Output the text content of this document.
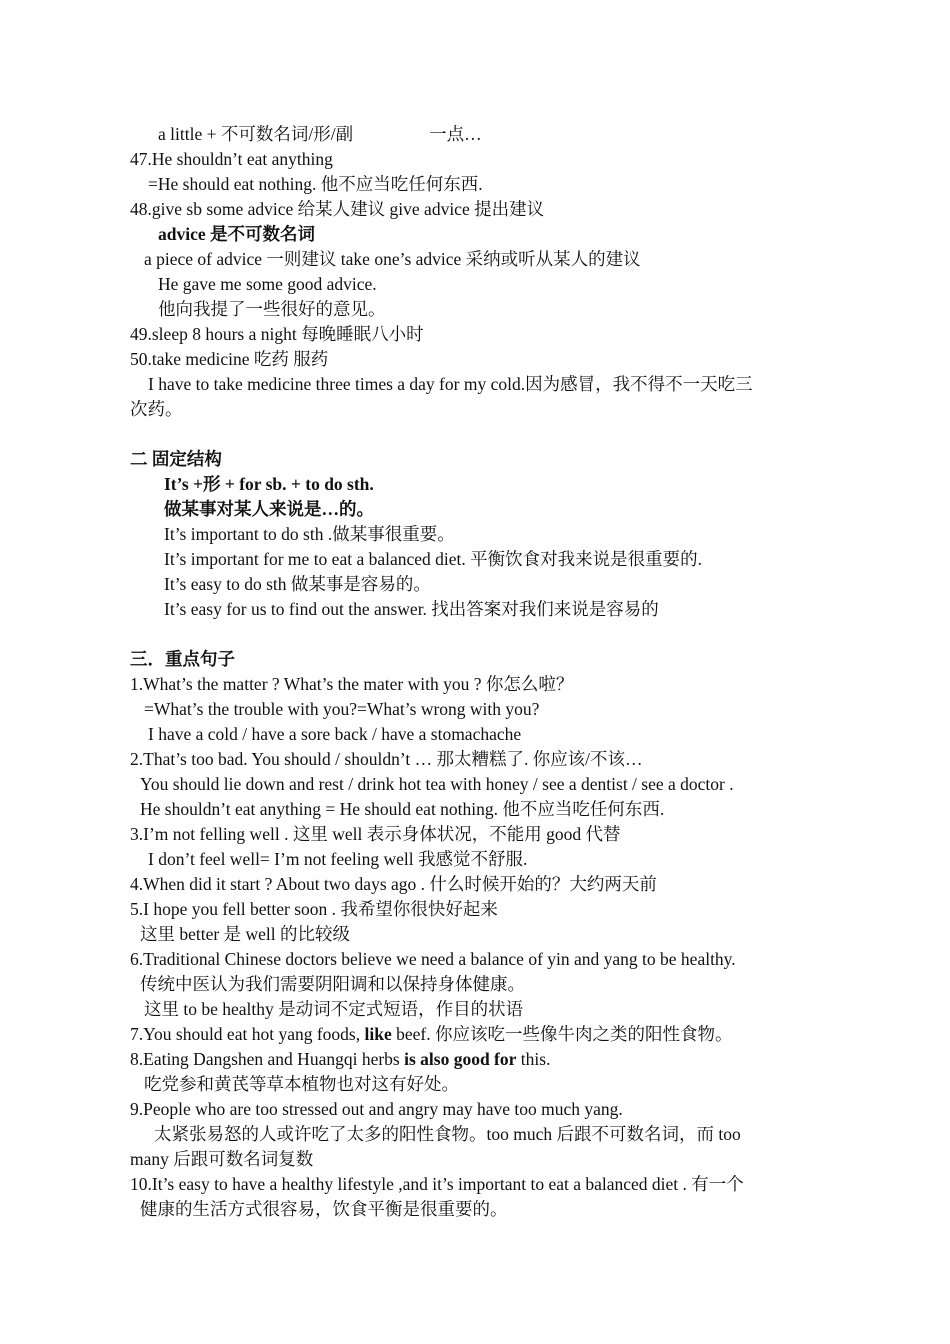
a little + 不可数名词/形/副	一点…
47.He shouldn’t eat anything
=He should eat nothing. 他不应当吃任何东西.
48.give sb some advice 给某人建议 give advice 提出建议
advice 是不可数名词
a piece of advice 一则建议 take one’s advice 采纳或听从某人的建议
He gave me some good advice.
他向我提了一些很好的意见。
49.sleep 8 hours a night 每晚睡眠八小时
50.take medicine 吃药 服药
I have to take medicine three times a day for my cold.因为感冒，我不得不一天吃三
次药。
二 固定结构
It’s +形 + for sb. + to do sth.
做某事对某人来说是…的。
It’s important to do sth .做某事很重要。
It’s important for me to eat a balanced diet. 平衡饮食对我来说是很重要的.
It’s easy to do sth 做某事是容易的。
It’s easy for us to find out the answer. 找出答案对我们来说是容易的
三．重点句子
1.What’s the matter ? What’s the mater with you ? 你怎么啦？
=What’s the trouble with you?=What’s wrong with you?
I have a cold / have a sore back / have a stomachache
2.That’s too bad. You should / shouldn’t … 那太糟糕了. 你应该/不该…
You should lie down and rest / drink hot tea with honey / see a dentist / see a doctor .
He shouldn’t eat anything = He should eat nothing. 他不应当吃任何东西.
3.I’m not felling well . 这里 well 表示身体状况，不能用 good 代替
I don’t feel well= I’m not feeling well 我感觉不舒服.
4.When did it start ? About two days ago . 什么时候开始的？大约两天前
5.I hope you fell better soon . 我希望你很快好起来
这里 better 是 well 的比较级
6.Traditional Chinese doctors believe we need a balance of yin and yang to be healthy.
传统中医认为我们需要阴阳调和以保持身体健康。
这里 to be healthy 是动词不定式短语，作目的状语
7.You should eat hot yang foods, like beef. 你应该吃一些像牛肉之类的阳性食物。
8.Eating Dangshen and Huangqi herbs is also good for this.
吃党参和黄芪等草本植物也对这有好处。
9.People who are too stressed out and angry may have too much yang.
太紧张易怒的人或许吃了太多的阳性食物。too much 后跟不可数名词，而 too
many 后跟可数名词复数
10.It’s easy to have a healthy lifestyle ,and it’s important to eat a balanced diet . 有一个
健康的生活方式很容易，饮食平衡是很重要的。
